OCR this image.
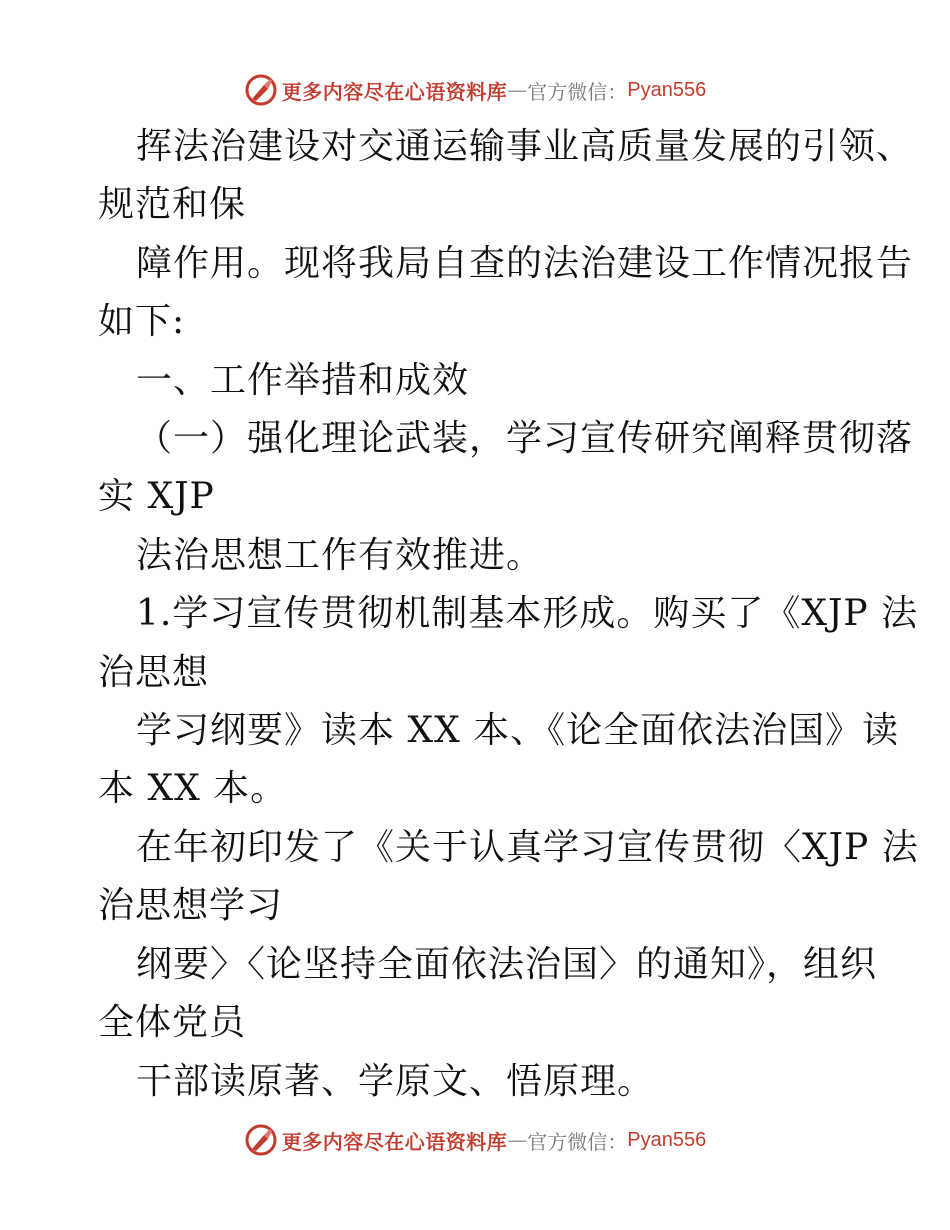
更多内容尽在心语资料库 — 官方微信： Pyan556
挥法治建设对交通运输事业高质量发展的引领、
规范和保
障作用。现将我局自查的法治建设工作情况报告
如下:
一、工作举措和成效
（一）强化理论武装，学习宣传研究阐释贯彻落
实 XJP
法治思想工作有效推进。
1.学习宣传贯彻机制基本形成。购买了《XJP 法
治思想
学习纲要》读本 XX 本、《论全面依法治国》读
本 XX 本。
在年初印发了《关于认真学习宣传贯彻〈XJP 法
治思想学习
纲要〉〈论坚持全面依法治国〉的通知》，组织
全体党员
干部读原著、学原文、悟原理。
更多内容尽在心语资料库 — 官方微信： Pyan556
